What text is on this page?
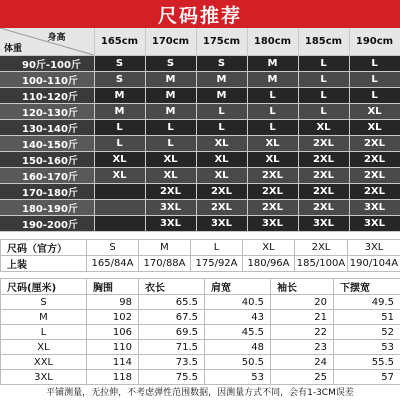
尺码推荐
身高
体重	165cm	170cm	175cm	180cm	185cm	190cm
90斤-100斤	S	S	S	M	L	L
100-110斤	S	M	M	M	L	L
110-120斤	M	M	M	L	L	L
120-130斤	M	M	L	L	L	XL
130-140斤	L	L	L	L	XL	XL
140-150斤	L	L	XL	XL	2XL	2XL
150-160斤	XL	XL	XL	XL	2XL	2XL
160-170斤	XL	XL	XL	2XL	2XL	2XL
170-180斤		2XL	2XL	2XL	2XL	2XL
180-190斤		3XL	2XL	2XL	2XL	3XL
190-200斤		3XL	3XL	3XL	3XL	3XL
尺码（官方）	S	M	L	XL	2XL	3XL
上装	165/84A	170/88A	175/92A	180/96A	185/100A	190/104A
尺码(厘米)	胸围	衣长	肩宽	袖长	下摆宽
S	98	65.5	40.5	20	49.5
M	102	67.5	43	21	51
L	106	69.5	45.5	22	52
XL	110	71.5	48	23	53
XXL	114	73.5	50.5	24	55.5
3XL	118	75.5	53	25	57
平铺测量，无拉伸，不考虑弹性范围数据，因测量方式不同，会有1-3CM误差
